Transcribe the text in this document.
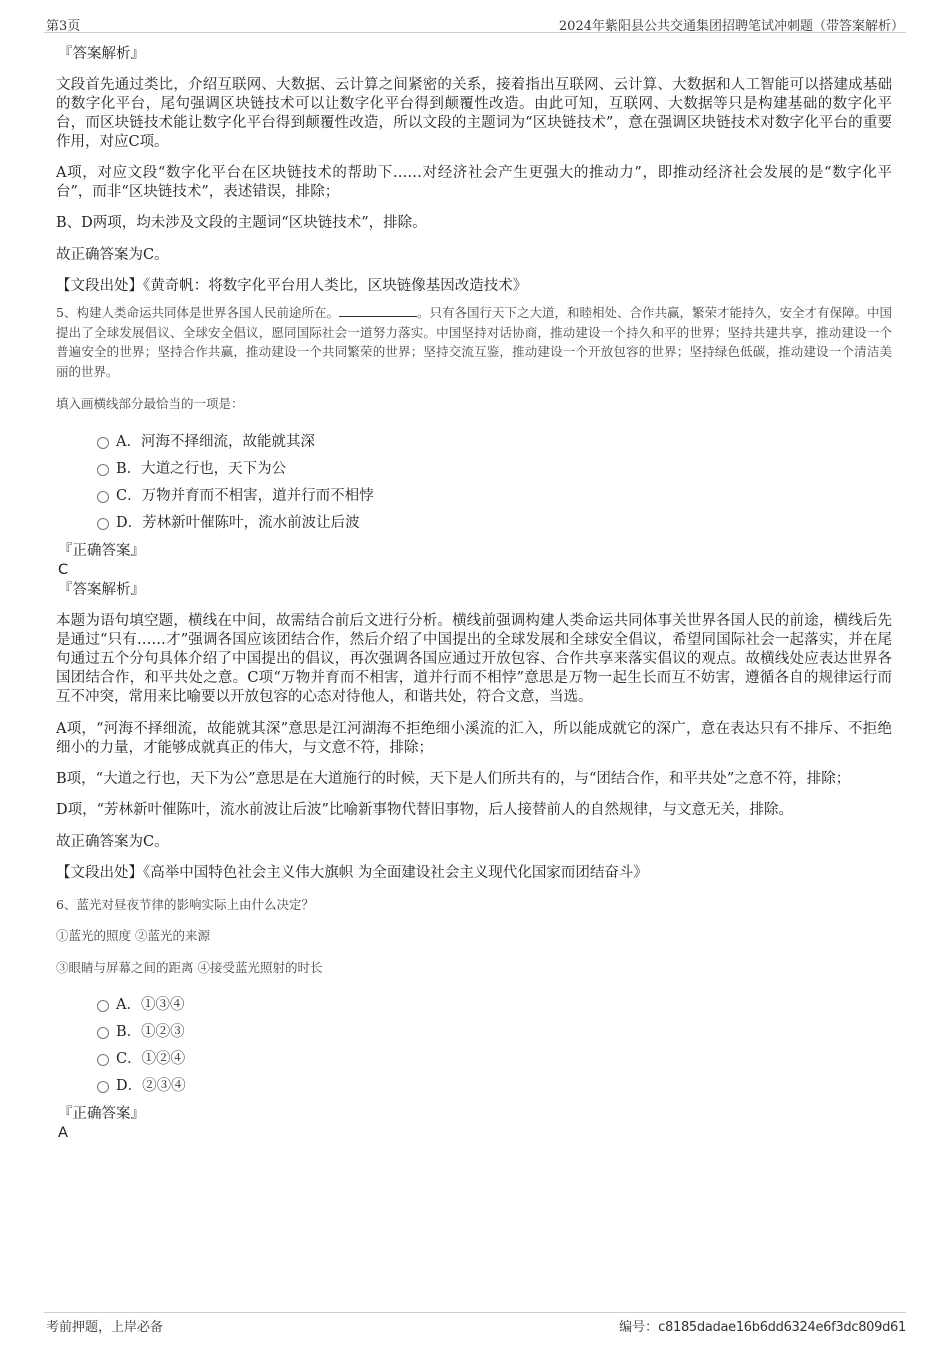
第3页	2024年紫阳县公共交通集团招聘笔试冲刺题（带答案解析）
『答案解析』

文段首先通过类比，介绍互联网、大数据、云计算之间紧密的关系，接着指出互联网、云计算、大数据和人工智能可以搭建成基础的数字化平台，尾句强调区块链技术可以让数字化平台得到颠覆性改造。由此可知，互联网、大数据等只是构建基础的数字化平台，而区块链技术能让数字化平台得到颠覆性改造，所以文段的主题词为“区块链技术”，意在强调区块链技术对数字化平台的重要作用，对应C项。

A项，对应文段“数字化平台在区块链技术的帮助下……对经济社会产生更强大的推动力”，即推动经济社会发展的是“数字化平台”，而非“区块链技术”，表述错误，排除；

B、D两项，均未涉及文段的主题词“区块链技术”，排除。

故正确答案为C。

【文段出处】《黄奇帆：将数字化平台用人类比，区块链像基因改造技术》

5、构建人类命运共同体是世界各国人民前途所在。	。只有各国行天下之大道，和睦相处、合作共赢，繁荣才能持久，安全才有保障。中国提出了全球发展倡议、全球安全倡议，愿同国际社会一道努力落实。中国坚持对话协商，推动建设一个持久和平的世界；坚持共建共享，推动建设一个普遍安全的世界；坚持合作共赢，推动建设一个共同繁荣的世界；坚持交流互鉴，推动建设一个开放包容的世界；坚持绿色低碳，推动建设一个清洁美丽的世界。

填入画横线部分最恰当的一项是：

A．河海不择细流，故能就其深
B．大道之行也，天下为公
C．万物并育而不相害，道并行而不相悖
D．芳林新叶催陈叶，流水前波让后波
『正确答案』
C
『答案解析』

本题为语句填空题，横线在中间，故需结合前后文进行分析。横线前强调构建人类命运共同体事关世界各国人民的前途，横线后先是通过“只有……才”强调各国应该团结合作，然后介绍了中国提出的全球发展和全球安全倡议，希望同国际社会一起落实，并在尾句通过五个分句具体介绍了中国提出的倡议，再次强调各国应通过开放包容、合作共享来落实倡议的观点。故横线处应表达世界各国团结合作，和平共处之意。C项“万物并育而不相害，道并行而不相悖”意思是万物一起生长而互不妨害，遵循各自的规律运行而互不冲突，常用来比喻要以开放包容的心态对待他人，和谐共处，符合文意，当选。

A项，“河海不择细流，故能就其深”意思是江河湖海不拒绝细小溪流的汇入，所以能成就它的深广，意在表达只有不排斥、不拒绝细小的力量，才能够成就真正的伟大，与文意不符，排除；

B项，“大道之行也，天下为公”意思是在大道施行的时候，天下是人们所共有的，与“团结合作，和平共处”之意不符，排除；

D项，“芳林新叶催陈叶，流水前波让后波”比喻新事物代替旧事物，后人接替前人的自然规律，与文意无关，排除。

故正确答案为C。

【文段出处】《高举中国特色社会主义伟大旗帜 为全面建设社会主义现代化国家而团结奋斗》

6、蓝光对昼夜节律的影响实际上由什么决定？

①蓝光的照度 ②蓝光的来源

③眼睛与屏幕之间的距离 ④接受蓝光照射的时长

A．①③④
B．①②③
C．①②④
D．②③④
『正确答案』
A
考前押题，上岸必备	编号：c8185dadae16b6dd6324e6f3dc809d61
